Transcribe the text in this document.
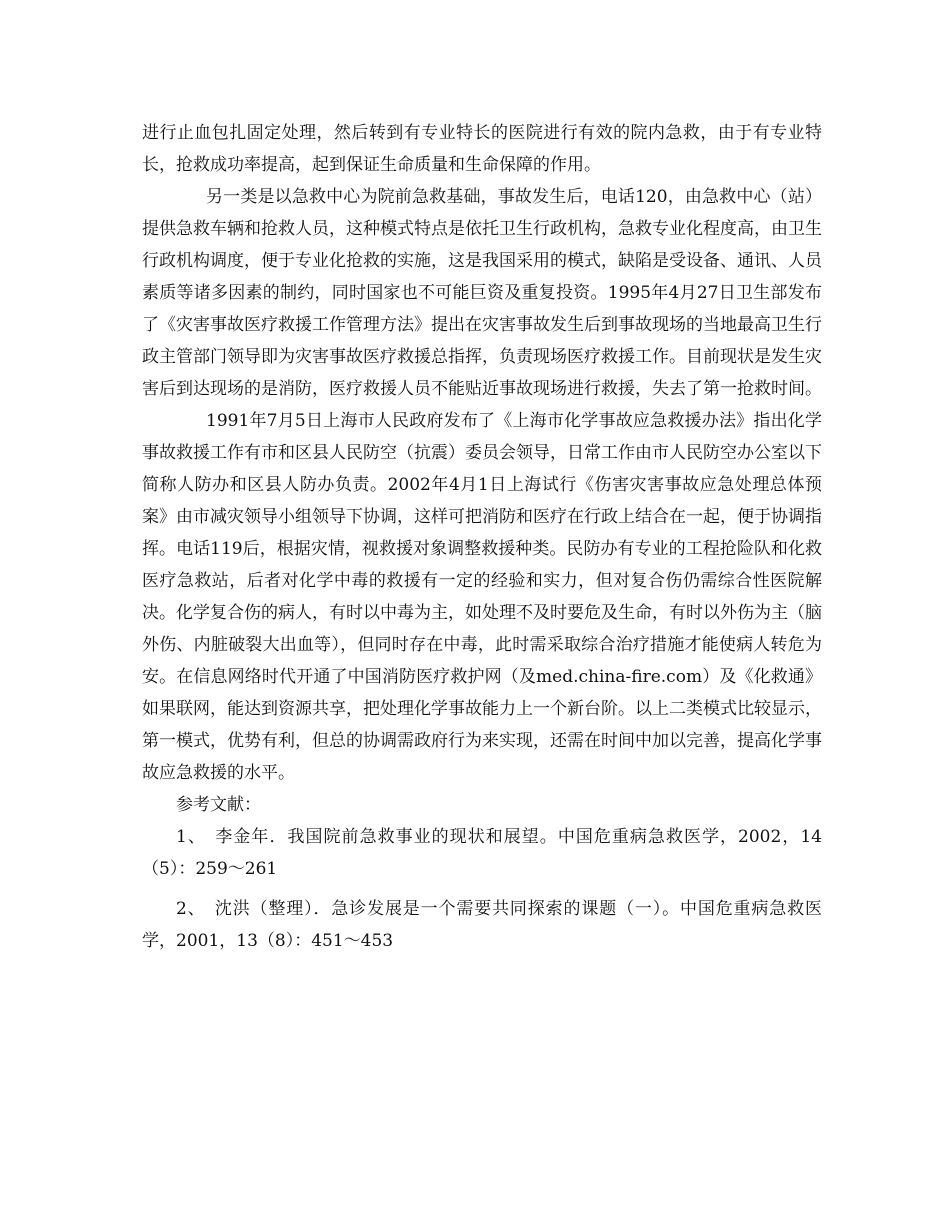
进行止血包扎固定处理，然后转到有专业特长的医院进行有效的院内急救，由于有专业特长，抢救成功率提高，起到保证生命质量和生命保障的作用。

另一类是以急救中心为院前急救基础，事故发生后，电话120，由急救中心（站）提供急救车辆和抢救人员，这种模式特点是依托卫生行政机构，急救专业化程度高，由卫生行政机构调度，便于专业化抢救的实施，这是我国采用的模式，缺陷是受设备、通讯、人员素质等诸多因素的制约，同时国家也不可能巨资及重复投资。1995年4月27日卫生部发布了《灾害事故医疗救援工作管理方法》提出在灾害事故发生后到事故现场的当地最高卫生行政主管部门领导即为灾害事故医疗救援总指挥，负责现场医疗救援工作。目前现状是发生灾害后到达现场的是消防，医疗救援人员不能贴近事故现场进行救援，失去了第一抢救时间。

1991年7月5日上海市人民政府发布了《上海市化学事故应急救援办法》指出化学事故救援工作有市和区县人民防空（抗震）委员会领导，日常工作由市人民防空办公室以下简称人防办和区县人防办负责。2002年4月1日上海试行《伤害灾害事故应急处理总体预案》由市减灾领导小组领导下协调，这样可把消防和医疗在行政上结合在一起，便于协调指挥。电话119后，根据灾情，视救援对象调整救援种类。民防办有专业的工程抢险队和化救医疗急救站，后者对化学中毒的救援有一定的经验和实力，但对复合伤仍需综合性医院解决。化学复合伤的病人，有时以中毒为主，如处理不及时要危及生命，有时以外伤为主（脑外伤、内脏破裂大出血等），但同时存在中毒，此时需采取综合治疗措施才能使病人转危为安。在信息网络时代开通了中国消防医疗救护网（及med.china-fire.com）及《化救通》如果联网，能达到资源共享，把处理化学事故能力上一个新台阶。以上二类模式比较显示，第一模式，优势有利，但总的协调需政府行为来实现，还需在时间中加以完善，提高化学事故应急救援的水平。

参考文献：

1、　李金年．我国院前急救事业的现状和展望。中国危重病急救医学，2002，14（5）：259～261

2、　沈洪（整理）．急诊发展是一个需要共同探索的课题（一）。中国危重病急救医学，2001，13（8）：451～453
